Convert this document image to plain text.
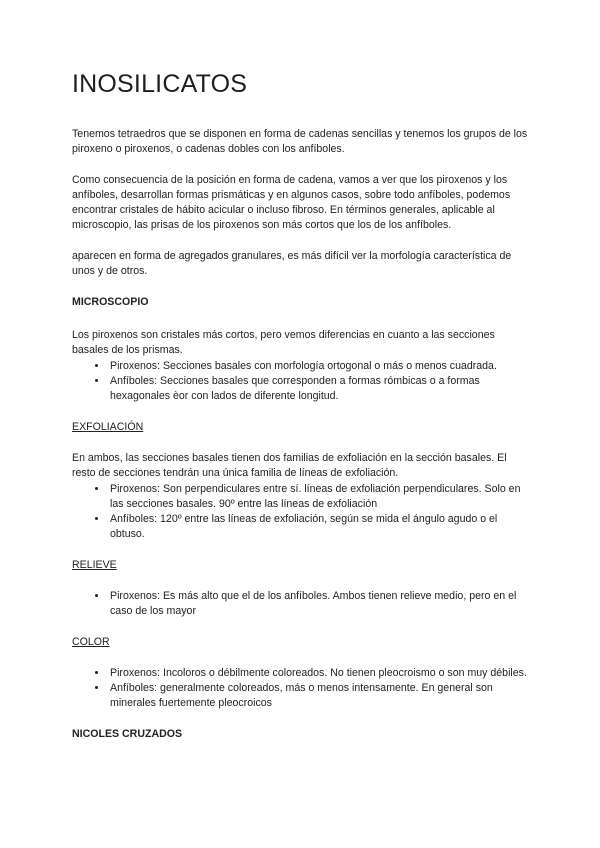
INOSILICATOS

Tenemos tetraedros que se disponen en forma de cadenas sencillas y tenemos los grupos de los piroxeno o piroxenos, o cadenas dobles con los anfíboles.

Como consecuencia de la posición en forma de cadena, vamos a ver que los piroxenos y los anfíboles, desarrollan formas prismáticas y en algunos casos, sobre todo anfíboles, podemos encontrar cristales de hábito acicular o incluso fibroso. En términos generales, aplicable al microscopio, las prisas de los piroxenos son más cortos que los de los anfíboles.

aparecen en forma de agregados granulares, es más difícil ver la morfología característica de unos y de otros.

MICROSCOPIO

Los piroxenos son cristales más cortos, pero vemos diferencias en cuanto a las secciones basales de los prismas.

• Piroxenos: Secciones basales con morfología ortogonal o más o menos cuadrada.
• Anfíboles: Secciones basales que corresponden a formas rómbicas o a formas hexagonales èor con lados de diferente longitud.
EXFOLIACIÓN

En ambos, las secciones basales tienen dos familias de exfoliación en la sección basales. El resto de secciones tendrán una única familia de líneas de exfoliación.

• Piroxenos: Son perpendiculares entre sí. líneas de exfoliación perpendiculares. Solo en las secciones basales. 90º entre las líneas de exfoliación
• Anfíboles: 120º entre las líneas de exfoliación, según se mida el ángulo agudo o el obtuso.
RELIEVE
• Piroxenos: Es más alto que el de los anfíboles. Ambos tienen relieve medio, pero en el caso de los mayor
COLOR
• Piroxenos: Incoloros o débilmente coloreados. No tienen pleocroismo o son muy débiles.
• Anfíboles: generalmente coloreados, más o menos intensamente. En general son minerales fuertemente pleocroicos
NICOLES CRUZADOS
